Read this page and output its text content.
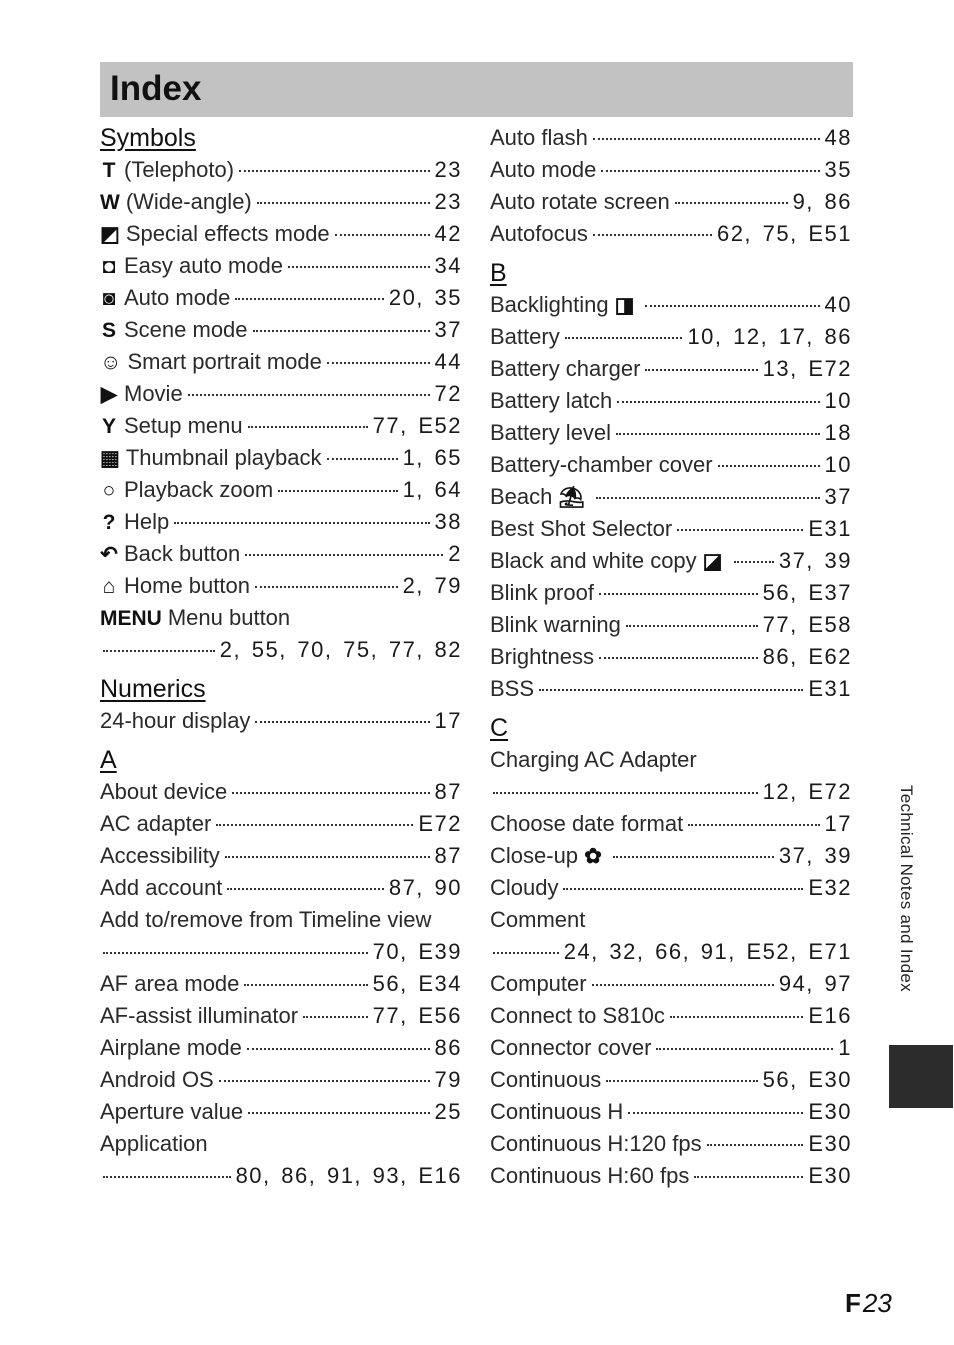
Index
Symbols
T (Telephoto)	23
W (Wide-angle)	23
◩ Special effects mode	42
◘ Easy auto mode	34
◙ Auto mode	20, 35
S Scene mode	37
☺ Smart portrait mode	44
▶ Movie	72
Y Setup menu	77, E52
▦ Thumbnail playback	1, 65
○ Playback zoom	1, 64
? Help	38
↶ Back button	2
⌂ Home button	2, 79
MENU Menu button
2, 55, 70, 75, 77, 82
Numerics
24-hour display	17
A
About device	87
AC adapter	E72
Accessibility	87
Add account	87, 90
Add to/remove from Timeline view
70, E39
AF area mode	56, E34
AF-assist illuminator	77, E56
Airplane mode	86
Android OS	79
Aperture value	25
Application
80, 86, 91, 93, E16
Auto flash	48
Auto mode	35
Auto rotate screen	9, 86
Autofocus	62, 75, E51
B
Backlighting ◨	40
Battery	10, 12, 17, 86
Battery charger	13, E72
Battery latch	10
Battery level	18
Battery-chamber cover	10
Beach ⛱	37
Best Shot Selector	E31
Black and white copy ◪	37, 39
Blink proof	56, E37
Blink warning	77, E58
Brightness	86, E62
BSS	E31
C
Charging AC Adapter
12, E72
Choose date format	17
Close-up ✿	37, 39
Cloudy	E32
Comment
24, 32, 66, 91, E52, E71
Computer	94, 97
Connect to S810c	E16
Connector cover	1
Continuous	56, E30
Continuous H	E30
Continuous H:120 fps	E30
Continuous H:60 fps	E30
Technical Notes and Index
F23
